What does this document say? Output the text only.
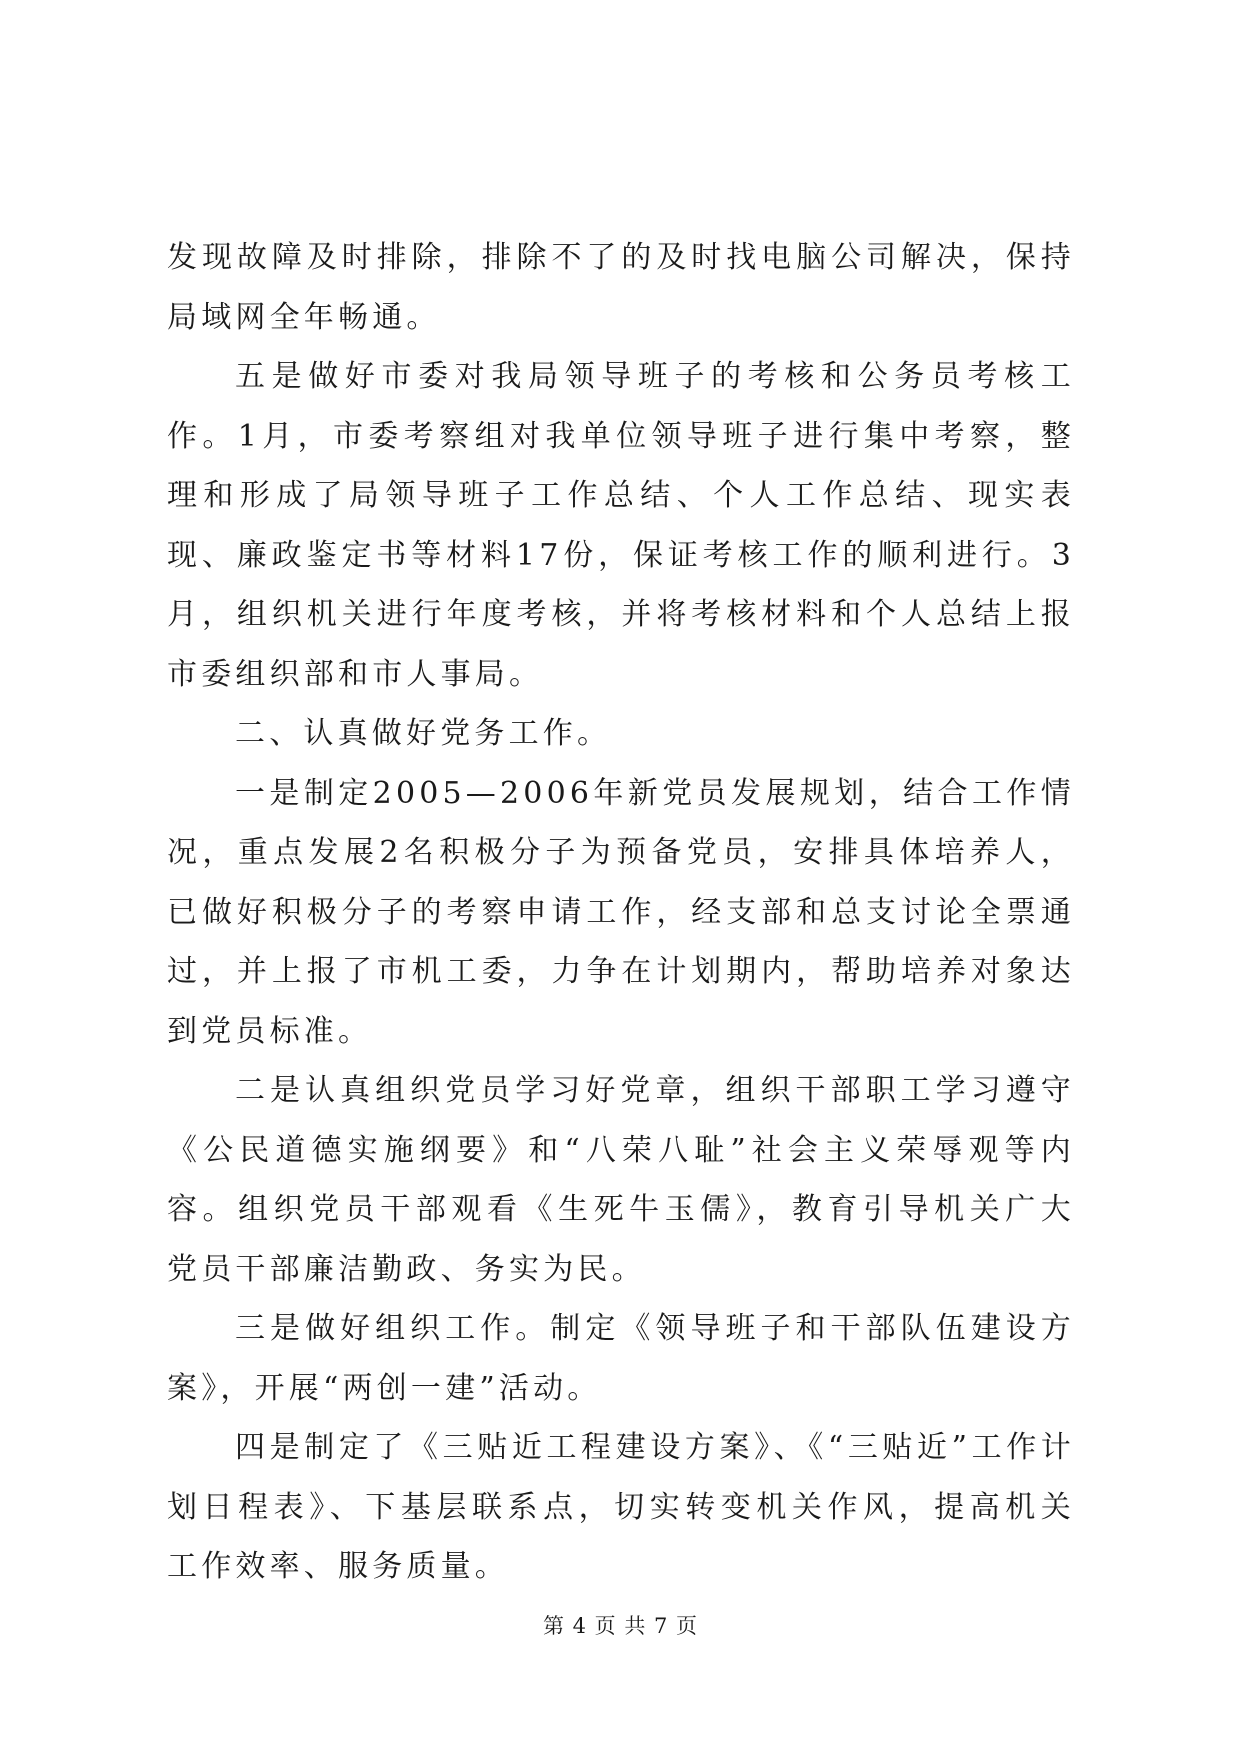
发现故障及时排除，排除不了的及时找电脑公司解决，保持局域网全年畅通。

五是做好市委对我局领导班子的考核和公务员考核工作。1月，市委考察组对我单位领导班子进行集中考察，整理和形成了局领导班子工作总结、个人工作总结、现实表现、廉政鉴定书等材料17份，保证考核工作的顺利进行。3月，组织机关进行年度考核，并将考核材料和个人总结上报市委组织部和市人事局。

二、认真做好党务工作。

一是制定2005—2006年新党员发展规划，结合工作情况，重点发展2名积极分子为预备党员，安排具体培养人，已做好积极分子的考察申请工作，经支部和总支讨论全票通过，并上报了市机工委，力争在计划期内，帮助培养对象达到党员标准。

二是认真组织党员学习好党章，组织干部职工学习遵守《公民道德实施纲要》和“八荣八耻”社会主义荣辱观等内容。组织党员干部观看《生死牛玉儒》，教育引导机关广大党员干部廉洁勤政、务实为民。

三是做好组织工作。制定《领导班子和干部队伍建设方案》，开展“两创一建”活动。

四是制定了《三贴近工程建设方案》、《“三贴近”工作计划日程表》、下基层联系点，切实转变机关作风，提高机关工作效率、服务质量。

第 4 页 共 7 页
